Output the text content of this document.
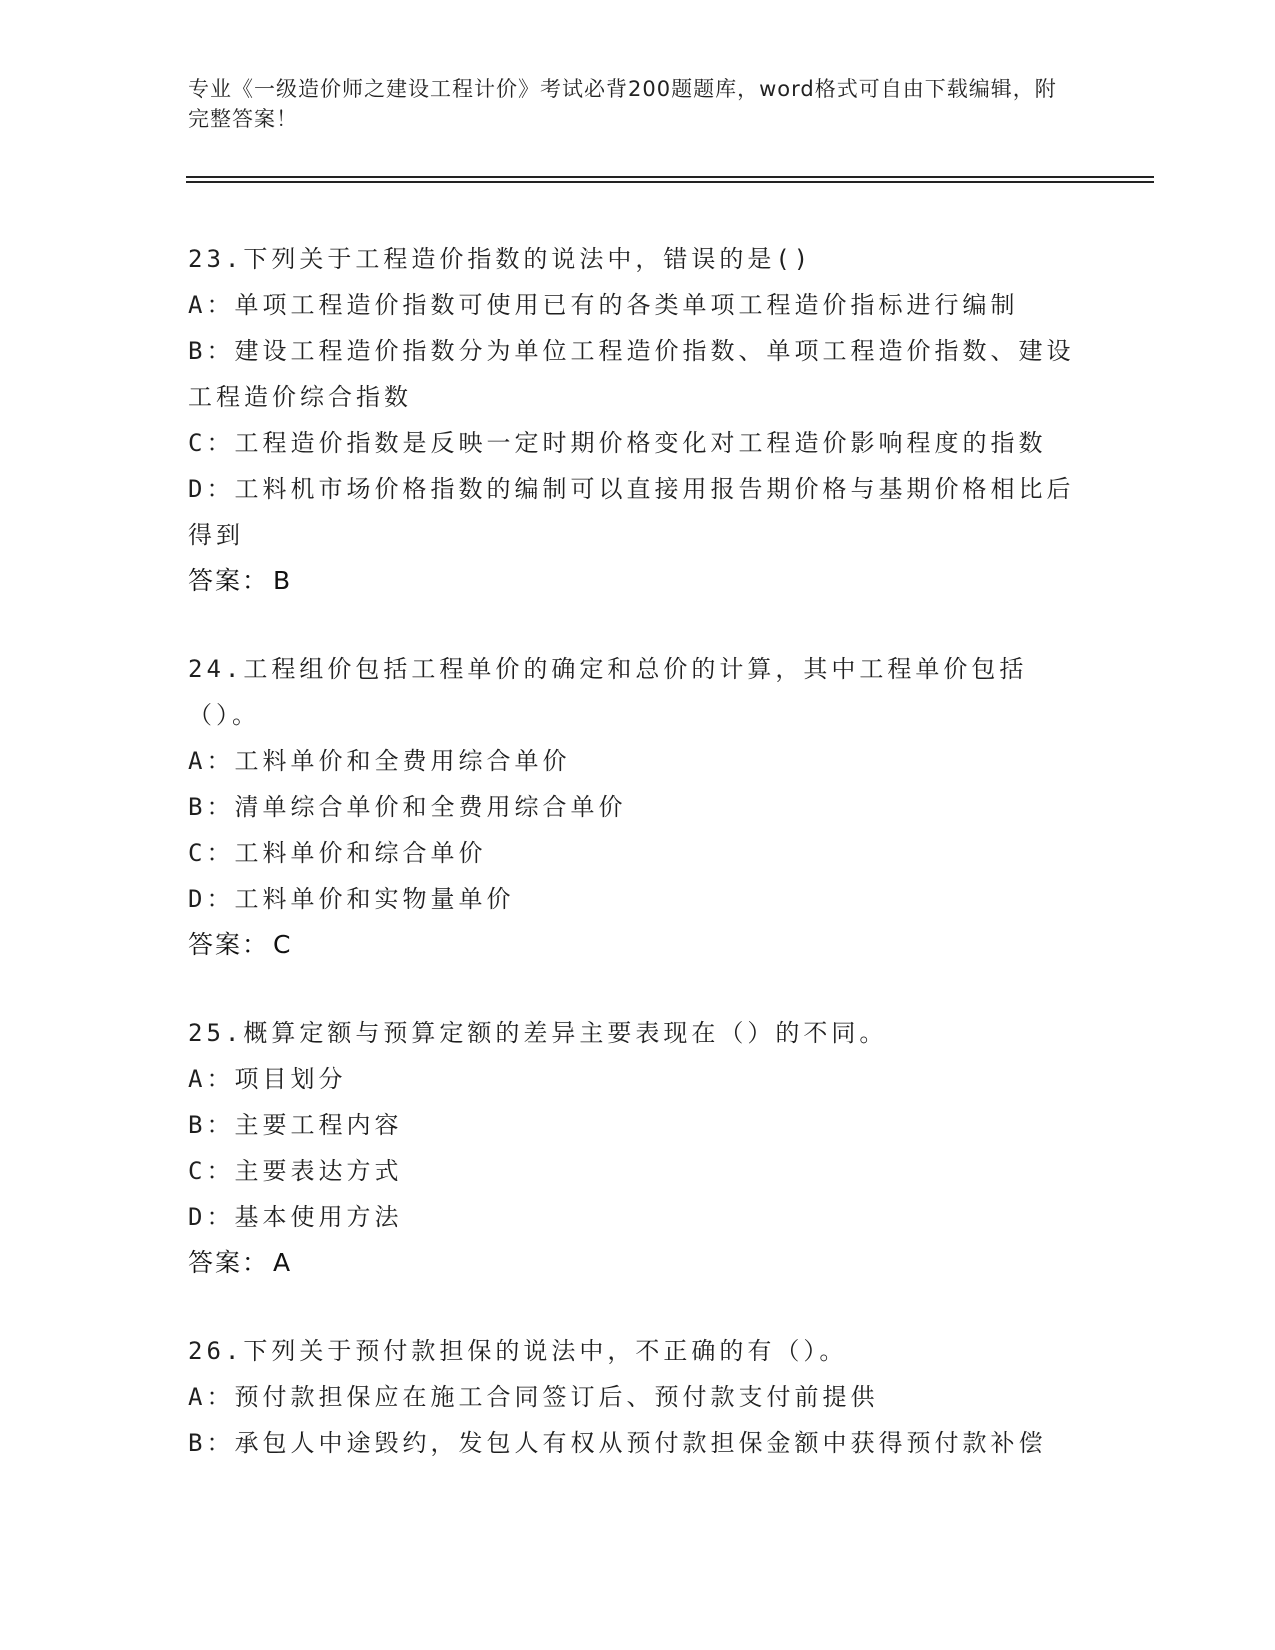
专业《一级造价师之建设工程计价》考试必背200题题库，word格式可自由下载编辑，附完整答案！
23.下列关于工程造价指数的说法中，错误的是()
A：单项工程造价指数可使用已有的各类单项工程造价指标进行编制
B：建设工程造价指数分为单位工程造价指数、单项工程造价指数、建设工程造价综合指数
C：工程造价指数是反映一定时期价格变化对工程造价影响程度的指数
D：工料机市场价格指数的编制可以直接用报告期价格与基期价格相比后得到
答案： B
24.工程组价包括工程单价的确定和总价的计算，其中工程单价包括（）。
A：工料单价和全费用综合单价
B：清单综合单价和全费用综合单价
C：工料单价和综合单价
D：工料单价和实物量单价
答案： C
25.概算定额与预算定额的差异主要表现在（）的不同。
A：项目划分
B：主要工程内容
C：主要表达方式
D：基本使用方法
答案： A
26.下列关于预付款担保的说法中，不正确的有（）。
A：预付款担保应在施工合同签订后、预付款支付前提供
B：承包人中途毁约，发包人有权从预付款担保金额中获得预付款补偿
